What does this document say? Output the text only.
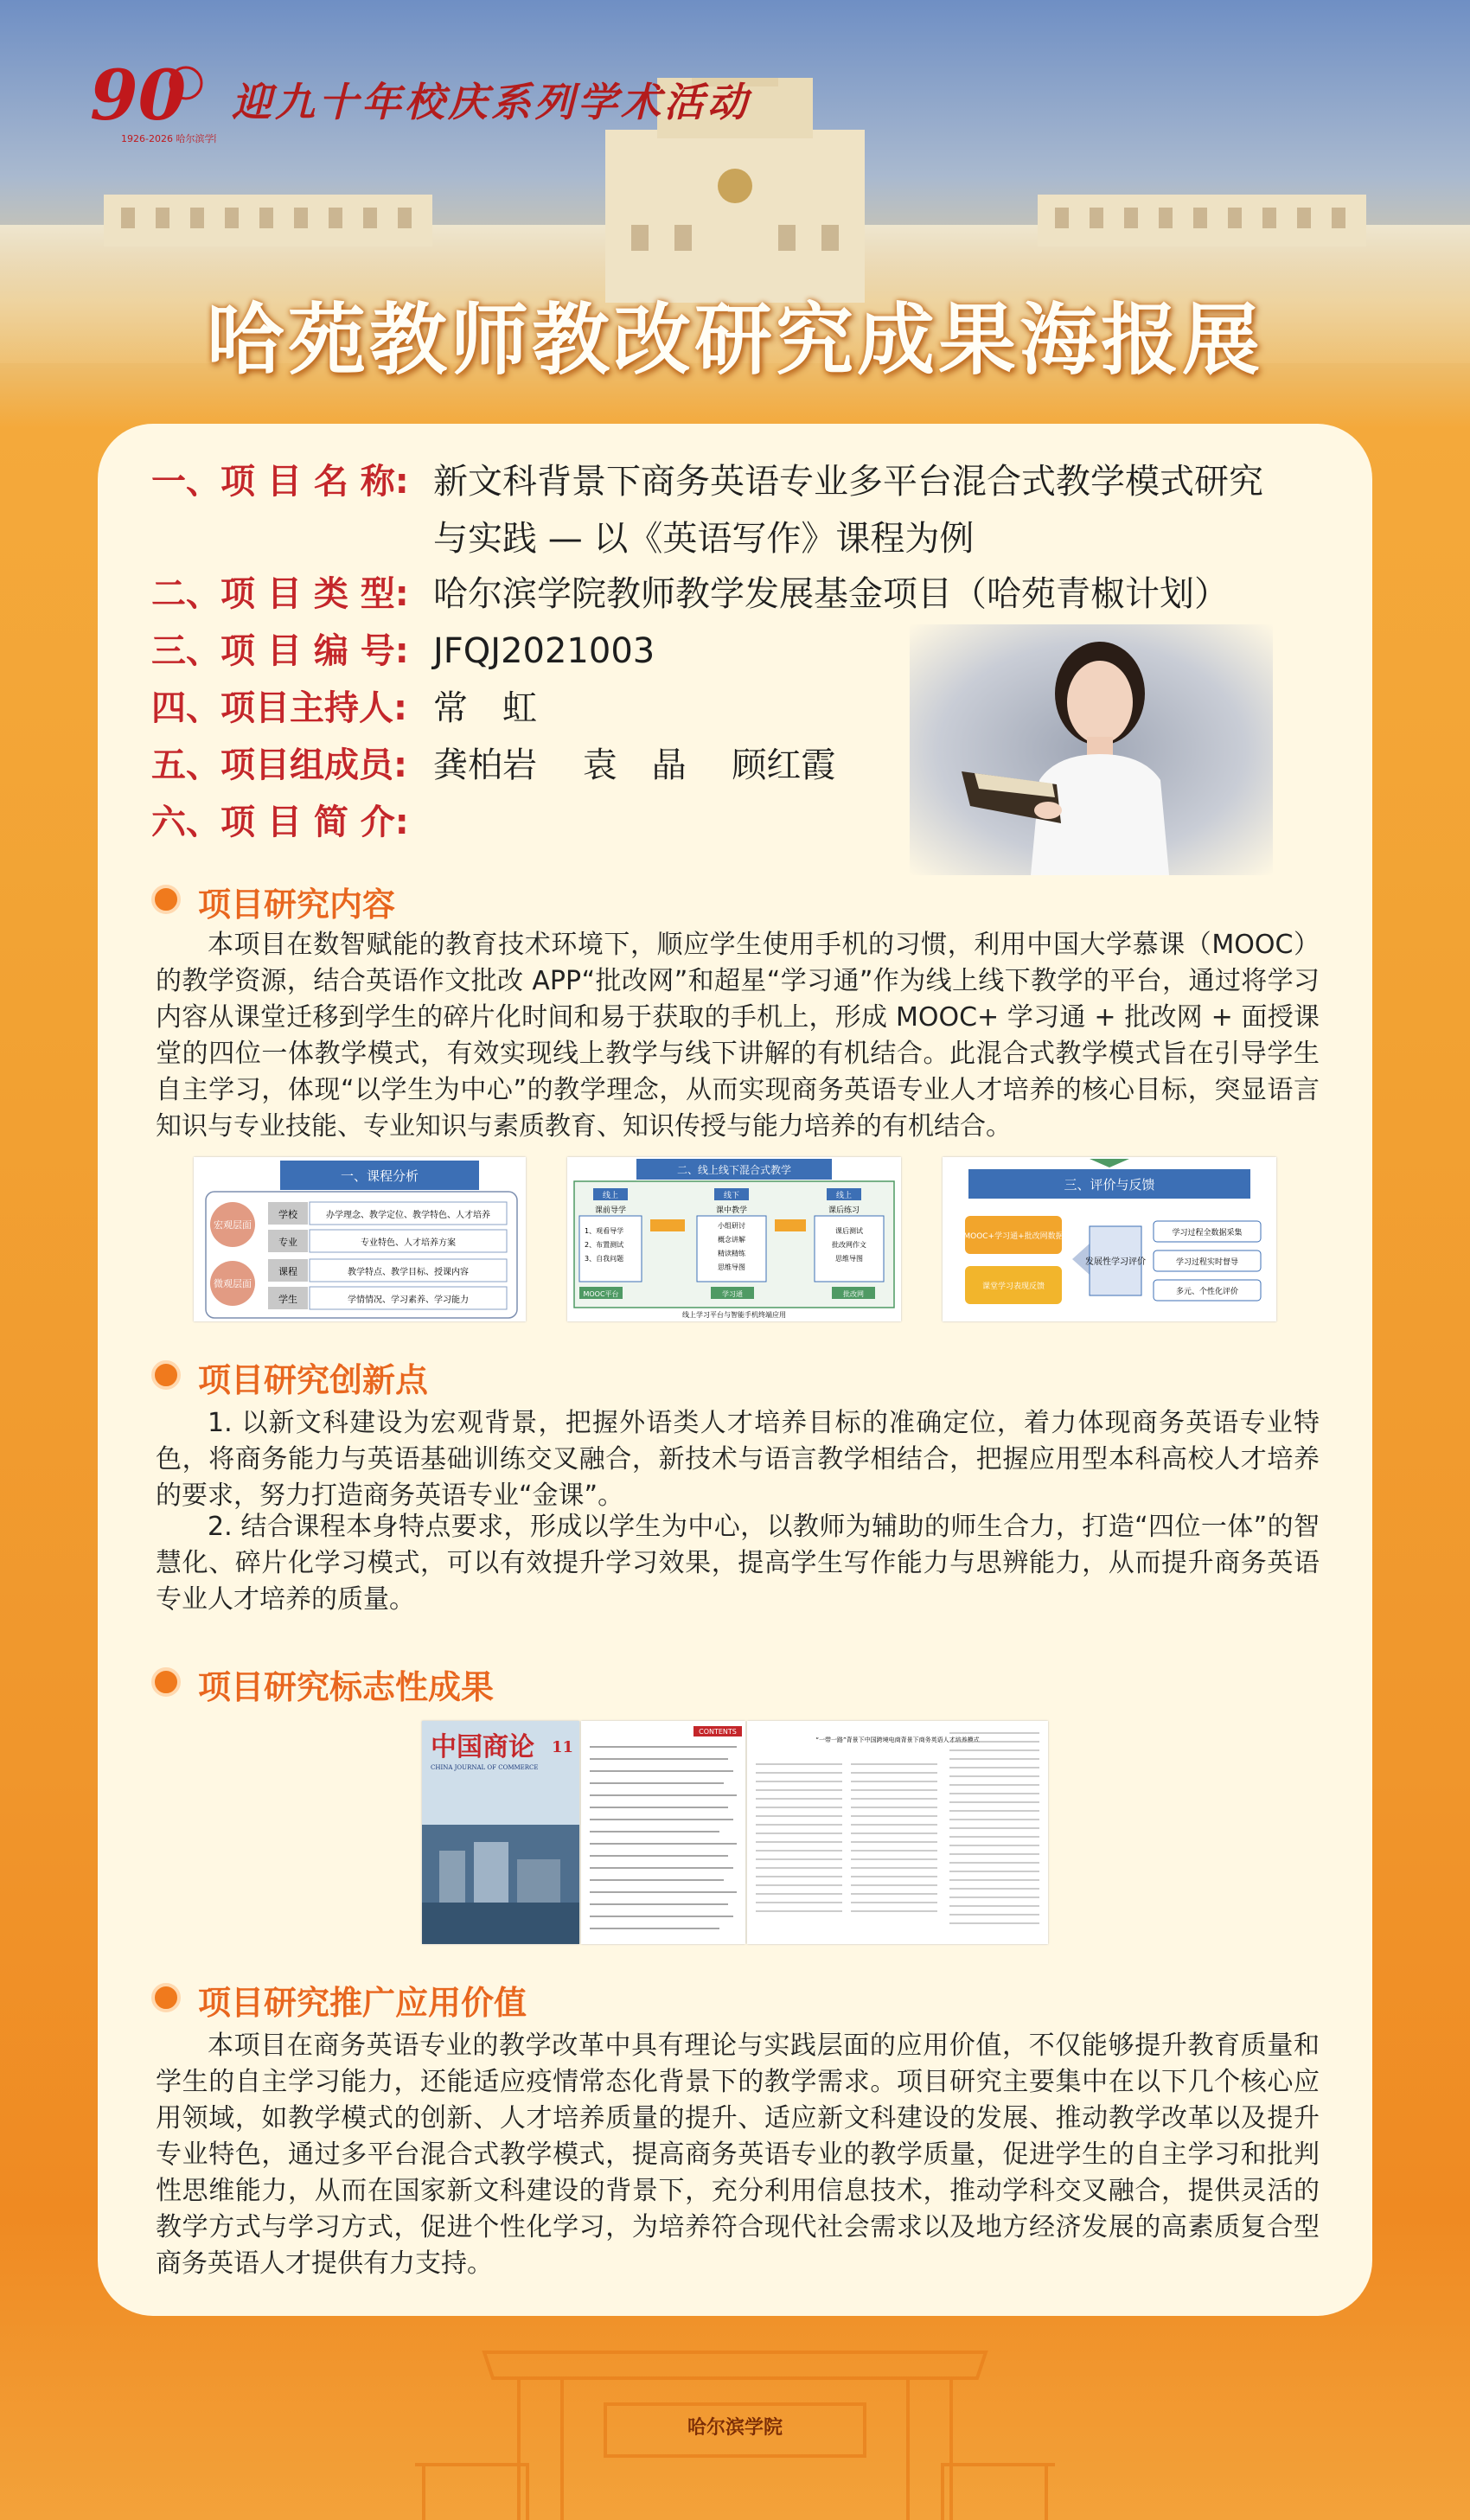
90
1926-2026 哈尔滨学院
迎九十年校庆系列学术活动
哈苑教师教改研究成果海报展
一、项 目 名 称: 新文科背景下商务英语专业多平台混合式教学模式研究
与实践 — 以《英语写作》课程为例
二、项 目 类 型: 哈尔滨学院教师教学发展基金项目（哈苑青椒计划）
三、项 目 编 号: JFQJ2021003
四、项目主持人: 常　虹
五、项目组成员: 龚柏岩　 袁　晶　 顾红霞
六、项 目 简 介:
项目研究内容

本项目在数智赋能的教育技术环境下，顺应学生使用手机的习惯，利用中国大学慕课（MOOC）的教学资源，结合英语作文批改 APP“批改网”和超星“学习通”作为线上线下教学的平台，通过将学习内容从课堂迁移到学生的碎片化时间和易于获取的手机上，形成 MOOC+ 学习通 + 批改网 + 面授课堂的四位一体教学模式，有效实现线上教学与线下讲解的有机结合。此混合式教学模式旨在引导学生自主学习，体现“以学生为中心”的教学理念，从而实现商务英语专业人才培养的核心目标，突显语言知识与专业技能、专业知识与素质教育、知识传授与能力培养的有机结合。

一、课程分析
宏观层面
微观层面
学校	办学理念、教学定位、教学特色、人才培养
专业	专业特色、人才培养方案
课程	教学特点、教学目标、授课内容
学生	学情情况、学习素养、学习能力
二、线上线下混合式教学
线上	线下	线上
课前导学	课中教学	课后练习
1、观看导学
2、布置测试
3、自我问题
小组研讨
概念讲解
精读精练
思维导图
课后测试
批改网作文
思维导图
MOOC平台	学习通	批改网
线上学习平台与智能手机终端应用
三、评价与反馈
MOOC+学习通+批改网数据
课堂学习表现反馈
发展性学习评价
学习过程全数据采集
学习过程实时督导
多元、个性化评价
项目研究创新点

1. 以新文科建设为宏观背景，把握外语类人才培养目标的准确定位，着力体现商务英语专业特色，将商务能力与英语基础训练交叉融合，新技术与语言教学相结合，把握应用型本科高校人才培养的要求，努力打造商务英语专业“金课”。

2. 结合课程本身特点要求，形成以学生为中心，以教师为辅助的师生合力，打造“四位一体”的智慧化、碎片化学习模式，可以有效提升学习效果，提高学生写作能力与思辨能力，从而提升商务英语专业人才培养的质量。

项目研究标志性成果
中国商论 11
CHINA JOURNAL OF COMMERCE
CONTENTS
“一带一路”背景下中国跨境电商背景下商务英语人才培养模式
项目研究推广应用价值

本项目在商务英语专业的教学改革中具有理论与实践层面的应用价值，不仅能够提升教育质量和学生的自主学习能力，还能适应疫情常态化背景下的教学需求。项目研究主要集中在以下几个核心应用领域，如教学模式的创新、人才培养质量的提升、适应新文科建设的发展、推动教学改革以及提升专业特色，通过多平台混合式教学模式，提高商务英语专业的教学质量，促进学生的自主学习和批判性思维能力，从而在国家新文科建设的背景下，充分利用信息技术，推动学科交叉融合，提供灵活的教学方式与学习方式，促进个性化学习，为培养符合现代社会需求以及地方经济发展的高素质复合型商务英语人才提供有力支持。

哈尔滨学院
